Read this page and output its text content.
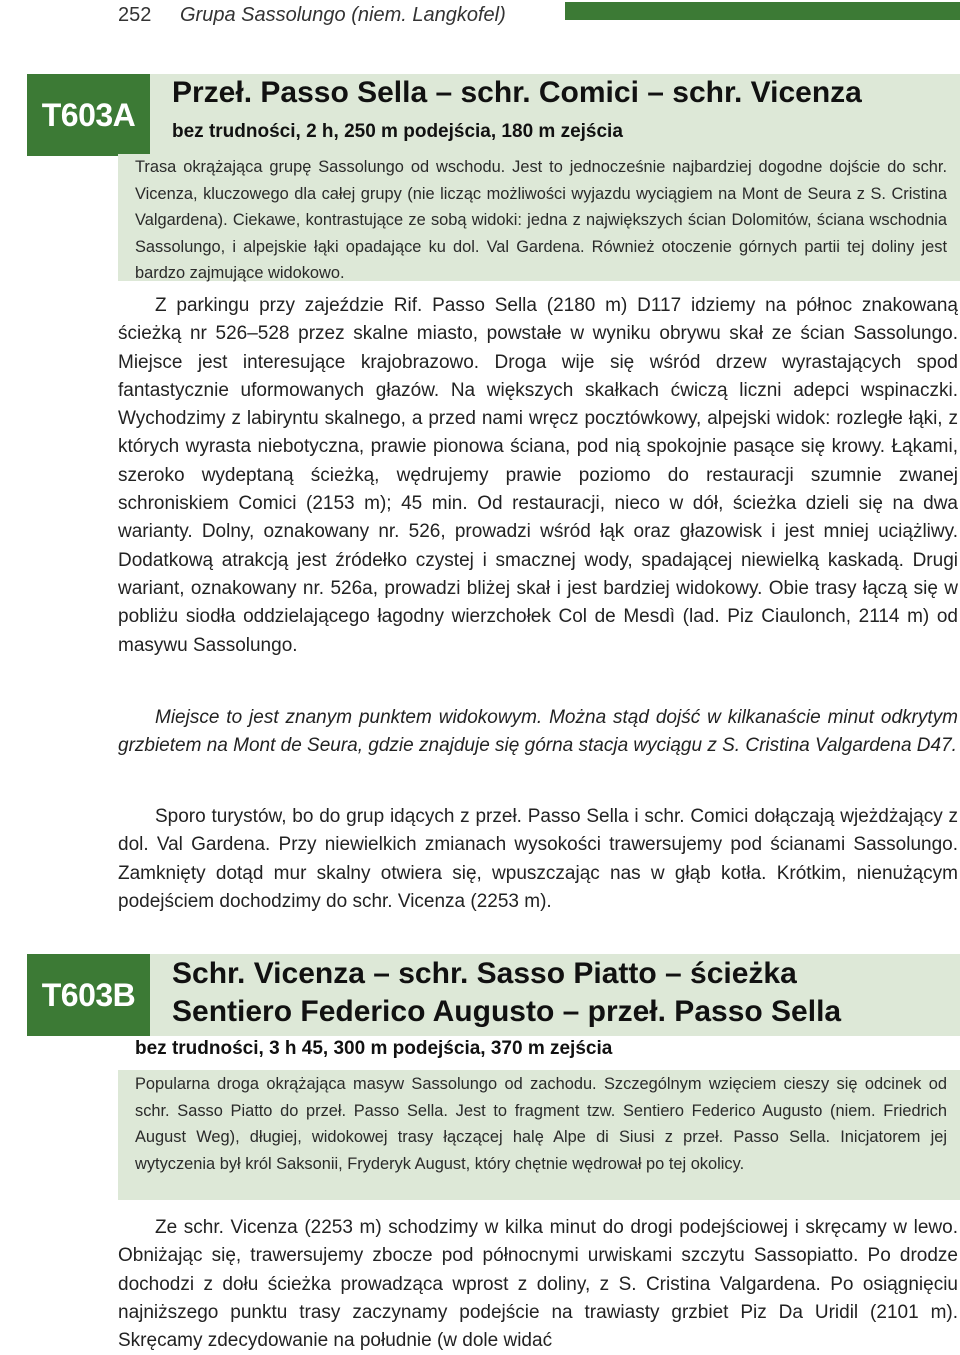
252 Grupa Sassolungo (niem. Langkofel)
T603A
Przeł. Passo Sella – schr. Comici – schr. Vicenza
bez trudności, 2 h, 250 m podejścia, 180 m zejścia

Trasa okrążająca grupę Sassolungo od wschodu. Jest to jednocześnie najbardziej dogodne dojście do schr. Vicenza, kluczowego dla całej grupy (nie licząc możliwości wyjazdu wyciągiem na Mont de Seura z S. Cristina Valgardena). Ciekawe, kontrastujące ze sobą widoki: jedna z największych ścian Dolomitów, ściana wschodnia Sassolungo, i alpejskie łąki opadające ku dol. Val Gardena. Również otoczenie górnych partii tej doliny jest bardzo zajmujące widokowo.

Z parkingu przy zajeździe Rif. Passo Sella (2180 m) D117 idziemy na północ znakowaną ścieżką nr 526–528 przez skalne miasto, powstałe w wyniku obrywu skał ze ścian Sassolungo. Miejsce jest interesujące krajobrazowo. Droga wije się wśród drzew wyrastających spod fantastycznie uformowanych głazów. Na większych skałkach ćwiczą liczni adepci wspinaczki. Wychodzimy z labiryntu skalnego, a przed nami wręcz pocztówkowy, alpejski widok: rozległe łąki, z których wyrasta niebotyczna, prawie pionowa ściana, pod nią spokojnie pasące się krowy. Łąkami, szeroko wydeptaną ścieżką, wędrujemy prawie poziomo do restauracji szumnie zwanej schroniskiem Comici (2153 m); 45 min. Od restauracji, nieco w dół, ścieżka dzieli się na dwa warianty. Dolny, oznakowany nr. 526, prowadzi wśród łąk oraz głazowisk i jest mniej uciążliwy. Dodatkową atrakcją jest źródełko czystej i smacznej wody, spadającej niewielką kaskadą. Drugi wariant, oznakowany nr. 526a, prowadzi bliżej skał i jest bardziej widokowy. Obie trasy łączą się w pobliżu siodła oddzielającego łagodny wierzchołek Col de Mesdì (lad. Piz Ciaulonch, 2114 m) od masywu Sassolungo.

Miejsce to jest znanym punktem widokowym. Można stąd dojść w kilkanaście minut odkrytym grzbietem na Mont de Seura, gdzie znajduje się górna stacja wyciągu z S. Cristina Valgardena D47.

Sporo turystów, bo do grup idących z przeł. Passo Sella i schr. Comici dołączają wjeżdżający z dol. Val Gardena. Przy niewielkich zmianach wysokości trawersujemy pod ścianami Sassolungo. Zamknięty dotąd mur skalny otwiera się, wpuszczając nas w głąb kotła. Krótkim, nienużącym podejściem dochodzimy do schr. Vicenza (2253 m).

T603B
Schr. Vicenza – schr. Sasso Piatto – ścieżka
Sentiero Federico Augusto – przeł. Passo Sella
bez trudności, 3 h 45, 300 m podejścia, 370 m zejścia

Popularna droga okrążająca masyw Sassolungo od zachodu. Szczególnym wzięciem cieszy się odcinek od schr. Sasso Piatto do przeł. Passo Sella. Jest to fragment tzw. Sentiero Federico Augusto (niem. Friedrich August Weg), długiej, widokowej trasy łączącej halę Alpe di Siusi z przeł. Passo Sella. Inicjatorem jej wytyczenia był król Saksonii, Fryderyk August, który chętnie wędrował po tej okolicy.

Ze schr. Vicenza (2253 m) schodzimy w kilka minut do drogi podejściowej i skręcamy w lewo. Obniżając się, trawersujemy zbocze pod północnymi urwiskami szczytu Sassopiatto. Po drodze dochodzi z dołu ścieżka prowadząca wprost z doliny, z S. Cristina Valgardena. Po osiągnięciu najniższego punktu trasy zaczynamy podejście na trawiasty grzbiet Piz Da Uridil (2101 m). Skręcamy zdecydowanie na południe (w dole widać
